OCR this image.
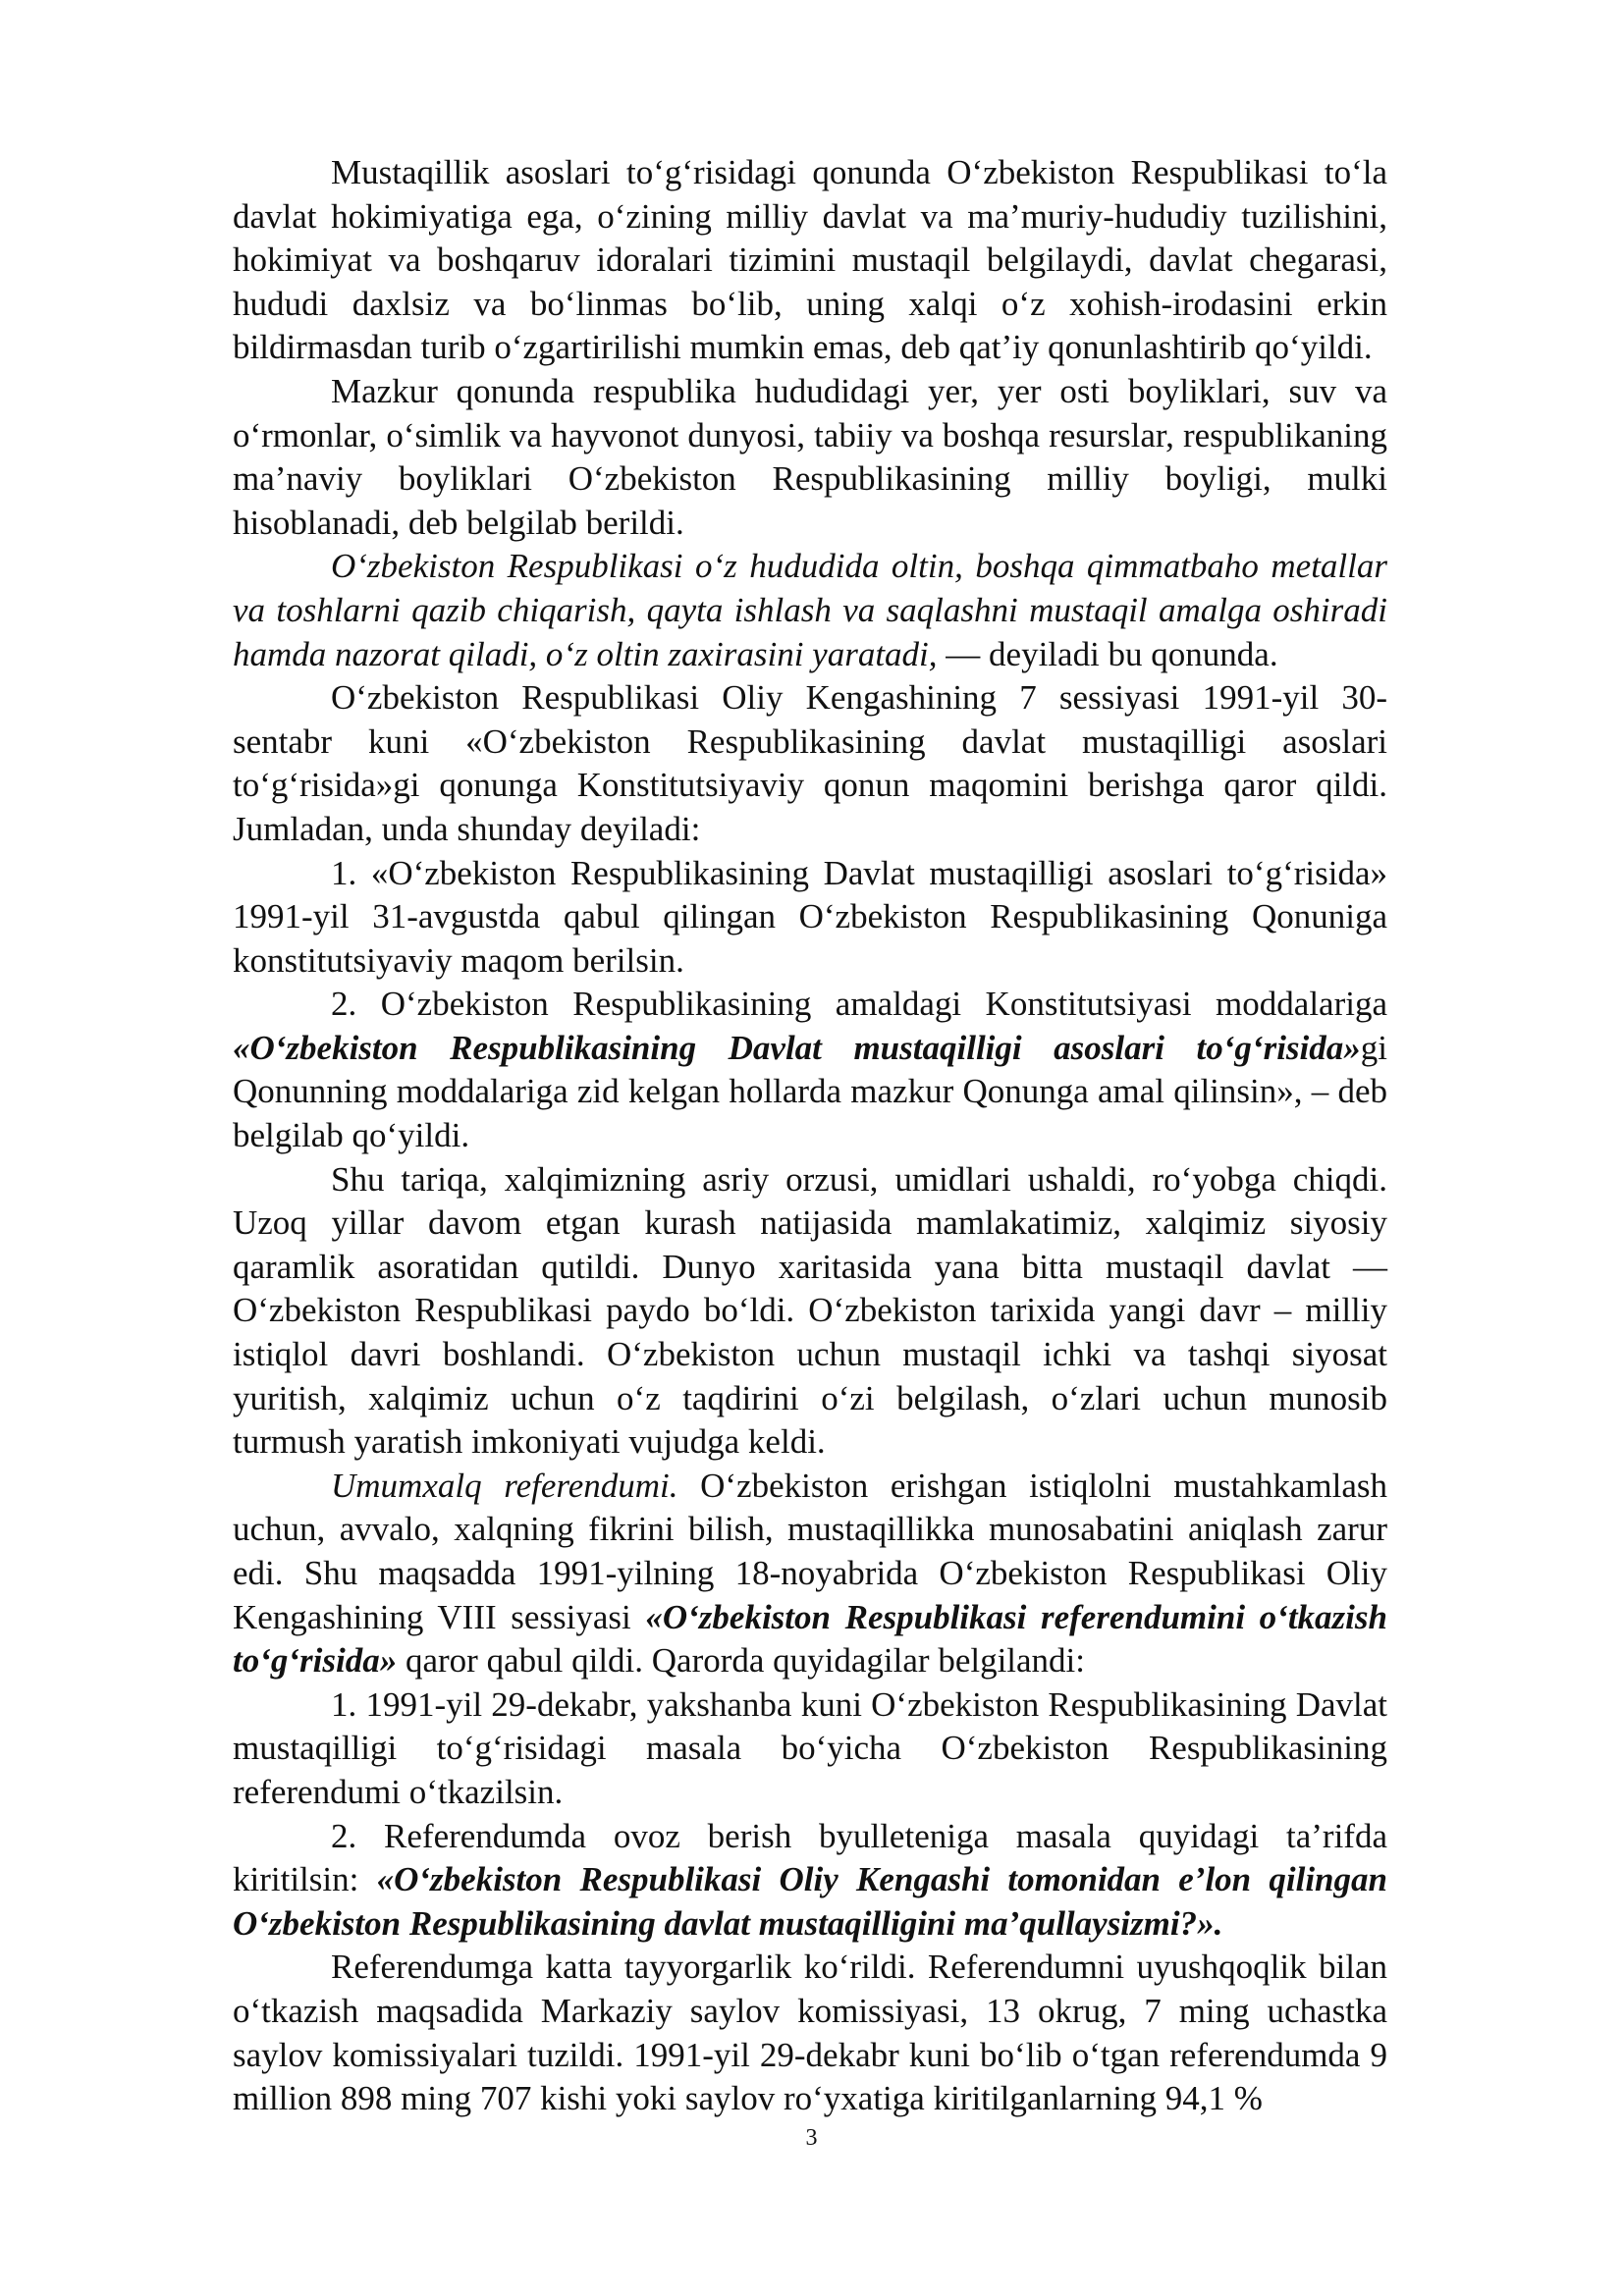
Mustaqillik asoslari to‘g‘risidagi qonunda O‘zbekiston Respublikasi to‘la davlat hokimiyatiga ega, o‘zining milliy davlat va ma’muriy-hududiy tuzilishini, hokimiyat va boshqaruv idoralari tizimini mustaqil belgilaydi, davlat chegarasi, hududi daxlsiz va bo‘linmas bo‘lib, uning xalqi o‘z xohish-irodasini erkin bildirmasdan turib o‘zgartirilishi mumkin emas, deb qat’iy qonunlashtirib qo‘yildi.

Mazkur qonunda respublika hududidagi yer, yer osti boyliklari, suv va o‘rmonlar, o‘simlik va hayvonot dunyosi, tabiiy va boshqa resurslar, respublikaning ma’naviy boyliklari O‘zbekiston Respublikasining milliy boyligi, mulki hisoblanadi, deb belgilab berildi.

O‘zbekiston Respublikasi o‘z hududida oltin, boshqa qimmatbaho metallar va toshlarni qazib chiqarish, qayta ishlash va saqlashni mustaqil amalga oshiradi hamda nazorat qiladi, o‘z oltin zaxirasini yaratadi, — deyiladi bu qonunda.

O‘zbekiston Respublikasi Oliy Kengashining 7 sessiyasi 1991-yil 30-sentabr kuni «O‘zbekiston Respublikasining davlat mustaqilligi asoslari to‘g‘risida»gi qonunga Konstitutsiyaviy qonun maqomini berishga qaror qildi. Jumladan, unda shunday deyiladi:

1. «O‘zbekiston Respublikasining Davlat mustaqilligi asoslari to‘g‘risida» 1991-yil 31-avgustda qabul qilingan O‘zbekiston Respublikasining Qonuniga konstitutsiyaviy maqom berilsin.

2. O‘zbekiston Respublikasining amaldagi Konstitutsiyasi moddalariga «O‘zbekiston Respublikasining Davlat mustaqilligi asoslari to‘g‘risida»gi Qonunning moddalariga zid kelgan hollarda mazkur Qonunga amal qilinsin», – deb belgilab qo‘yildi.

Shu tariqa, xalqimizning asriy orzusi, umidlari ushaldi, ro‘yobga chiqdi. Uzoq yillar davom etgan kurash natijasida mamlakatimiz, xalqimiz siyosiy qaramlik asoratidan qutildi. Dunyo xaritasida yana bitta mustaqil davlat — O‘zbekiston Respublikasi paydo bo‘ldi. O‘zbekiston tarixida yangi davr – milliy istiqlol davri boshlandi. O‘zbekiston uchun mustaqil ichki va tashqi siyosat yuritish, xalqimiz uchun o‘z taqdirini o‘zi belgilash, o‘zlari uchun munosib turmush yaratish imkoniyati vujudga keldi.

Umumxalq referendumi. O‘zbekiston erishgan istiqlolni mustahkamlash uchun, avvalo, xalqning fikrini bilish, mustaqillikka munosabatini aniqlash zarur edi. Shu maqsadda 1991-yilning 18-noyabrida O‘zbekiston Respublikasi Oliy Kengashining VIII sessiyasi «O‘zbekiston Respublikasi referendumini o‘tkazish to‘g‘risida» qaror qabul qildi. Qarorda quyidagilar belgilandi:

1. 1991-yil 29-dekabr, yakshanba kuni O‘zbekiston Respublikasining Davlat mustaqilligi to‘g‘risidagi masala bo‘yicha O‘zbekiston Respublikasining referendumi o‘tkazilsin.

2. Referendumda ovoz berish byulleteniga masala quyidagi ta’rifda kiritilsin: «O‘zbekiston Respublikasi Oliy Kengashi tomonidan e’lon qilingan O‘zbekiston Respublikasining davlat mustaqilligini ma’qullaysizmi?».

Referendumga katta tayyorgarlik ko‘rildi. Referendumni uyushqoqlik bilan o‘tkazish maqsadida Markaziy saylov komissiyasi, 13 okrug, 7 ming uchastka saylov komissiyalari tuzildi. 1991-yil 29-dekabr kuni bo‘lib o‘tgan referendumda 9 million 898 ming 707 kishi yoki saylov ro‘yxatiga kiritilganlarning 94,1 %

3
